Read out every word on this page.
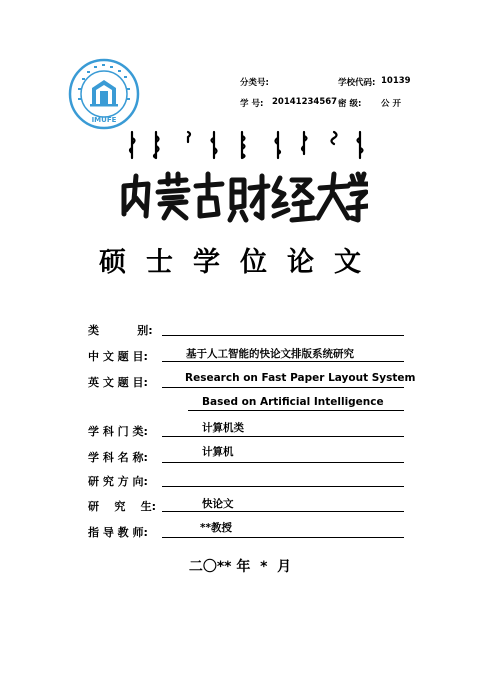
IMUFE
分类号:	学校代码: 10139
学 号: 20141234567 密 级: 公 开
硕士学位论文
类          别:
中 文 题 目:	基于人工智能的快论文排版系统研究
英 文 题 目:	Research on Fast Paper Layout System
Based on Artificial Intelligence
学 科 门 类:	计算机类
学 科 名 称:	计算机
研 究 方 向:
研    究    生:	快论文
指 导 教 师:	**教授
二〇** 年  *  月
